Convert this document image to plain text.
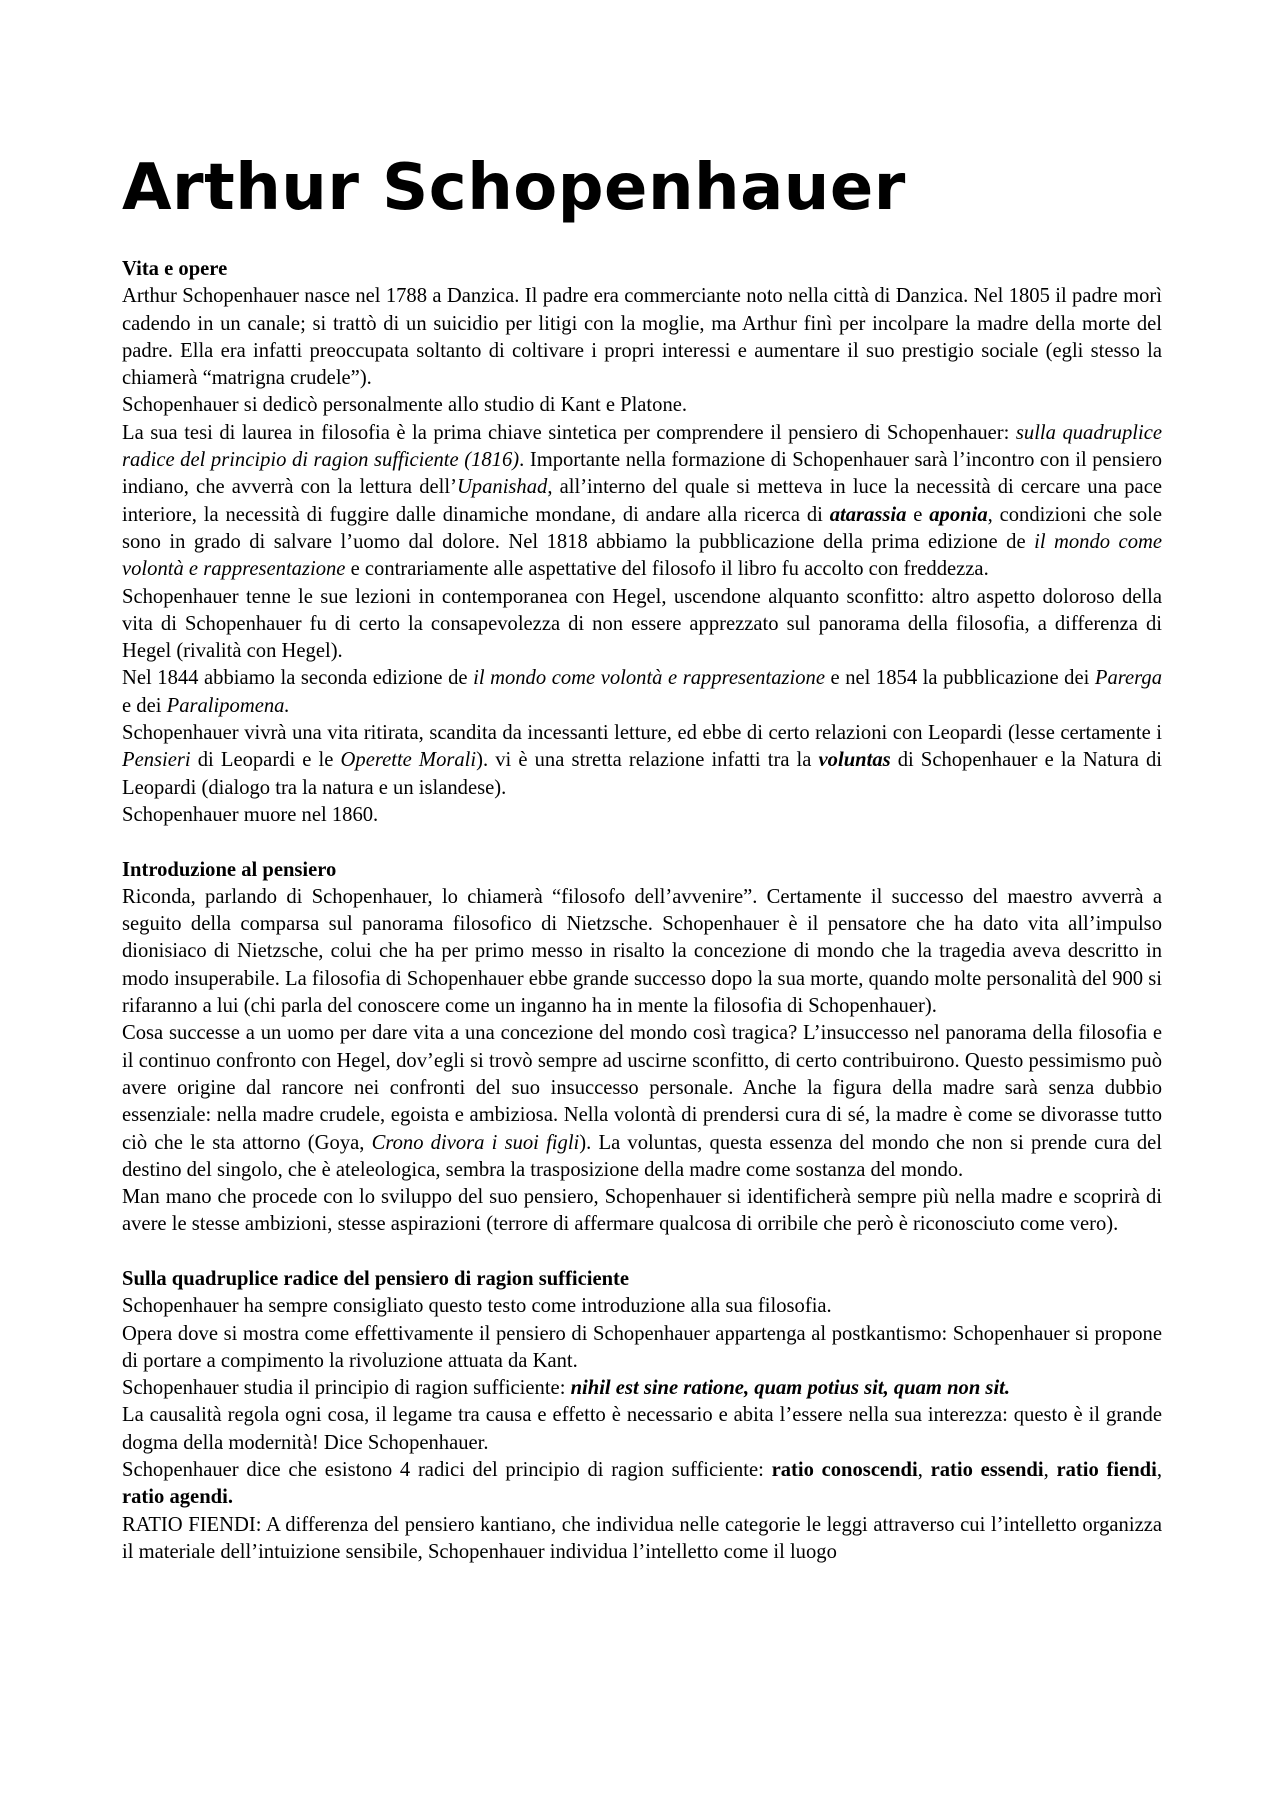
Arthur Schopenhauer

Vita e opere

Arthur Schopenhauer nasce nel 1788 a Danzica. Il padre era commerciante noto nella città di Danzica. Nel 1805 il padre morì cadendo in un canale; si trattò di un suicidio per litigi con la moglie, ma Arthur finì per incolpare la madre della morte del padre. Ella era infatti preoccupata soltanto di coltivare i propri interessi e aumentare il suo prestigio sociale (egli stesso la chiamerà “matrigna crudele”).

Schopenhauer si dedicò personalmente allo studio di Kant e Platone.

La sua tesi di laurea in filosofia è la prima chiave sintetica per comprendere il pensiero di Schopenhauer: sulla quadruplice radice del principio di ragion sufficiente (1816). Importante nella formazione di Schopenhauer sarà l’incontro con il pensiero indiano, che avverrà con la lettura dell’Upanishad, all’interno del quale si metteva in luce la necessità di cercare una pace interiore, la necessità di fuggire dalle dinamiche mondane, di andare alla ricerca di atarassia e aponia, condizioni che sole sono in grado di salvare l’uomo dal dolore. Nel 1818 abbiamo la pubblicazione della prima edizione de il mondo come volontà e rappresentazione e contrariamente alle aspettative del filosofo il libro fu accolto con freddezza.

Schopenhauer tenne le sue lezioni in contemporanea con Hegel, uscendone alquanto sconfitto: altro aspetto doloroso della vita di Schopenhauer fu di certo la consapevolezza di non essere apprezzato sul panorama della filosofia, a differenza di Hegel (rivalità con Hegel).

Nel 1844 abbiamo la seconda edizione de il mondo come volontà e rappresentazione e nel 1854 la pubblicazione dei Parerga e dei Paralipomena.

Schopenhauer vivrà una vita ritirata, scandita da incessanti letture, ed ebbe di certo relazioni con Leopardi (lesse certamente i Pensieri di Leopardi e le Operette Morali). vi è una stretta relazione infatti tra la voluntas di Schopenhauer e la Natura di Leopardi (dialogo tra la natura e un islandese).

Schopenhauer muore nel 1860.

Introduzione al pensiero

Riconda, parlando di Schopenhauer, lo chiamerà “filosofo dell’avvenire”. Certamente il successo del maestro avverrà a seguito della comparsa sul panorama filosofico di Nietzsche. Schopenhauer è il pensatore che ha dato vita all’impulso dionisiaco di Nietzsche, colui che ha per primo messo in risalto la concezione di mondo che la tragedia aveva descritto in modo insuperabile. La filosofia di Schopenhauer ebbe grande successo dopo la sua morte, quando molte personalità del 900 si rifaranno a lui (chi parla del conoscere come un inganno ha in mente la filosofia di Schopenhauer).

Cosa successe a un uomo per dare vita a una concezione del mondo così tragica? L’insuccesso nel panorama della filosofia e il continuo confronto con Hegel, dov’egli si trovò sempre ad uscirne sconfitto, di certo contribuirono. Questo pessimismo può avere origine dal rancore nei confronti del suo insuccesso personale. Anche la figura della madre sarà senza dubbio essenziale: nella madre crudele, egoista e ambiziosa. Nella volontà di prendersi cura di sé, la madre è come se divorasse tutto ciò che le sta attorno (Goya, Crono divora i suoi figli). La voluntas, questa essenza del mondo che non si prende cura del destino del singolo, che è ateleologica, sembra la trasposizione della madre come sostanza del mondo.

Man mano che procede con lo sviluppo del suo pensiero, Schopenhauer si identificherà sempre più nella madre e scoprirà di avere le stesse ambizioni, stesse aspirazioni (terrore di affermare qualcosa di orribile che però è riconosciuto come vero).

Sulla quadruplice radice del pensiero di ragion sufficiente

Schopenhauer ha sempre consigliato questo testo come introduzione alla sua filosofia.

Opera dove si mostra come effettivamente il pensiero di Schopenhauer appartenga al postkantismo: Schopenhauer si propone di portare a compimento la rivoluzione attuata da Kant.

Schopenhauer studia il principio di ragion sufficiente: nihil est sine ratione, quam potius sit, quam non sit.

La causalità regola ogni cosa, il legame tra causa e effetto è necessario e abita l’essere nella sua interezza: questo è il grande dogma della modernità! Dice Schopenhauer.

Schopenhauer dice che esistono 4 radici del principio di ragion sufficiente: ratio conoscendi, ratio essendi, ratio fiendi, ratio agendi.

RATIO FIENDI: A differenza del pensiero kantiano, che individua nelle categorie le leggi attraverso cui l’intelletto organizza il materiale dell’intuizione sensibile, Schopenhauer individua l’intelletto come il luogo
